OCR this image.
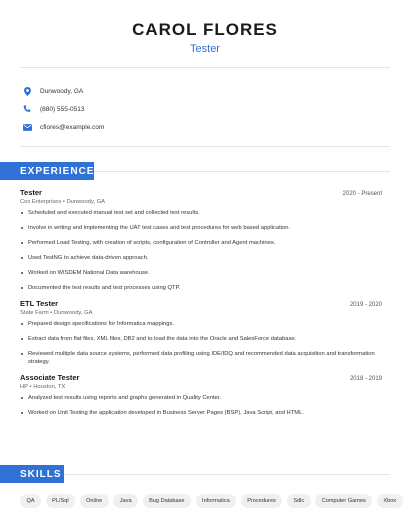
CAROL FLORES
Tester
Dunwoody, GA
(880) 555-0513
cflores@example.com
EXPERIENCE
Tester	2020 - Present
Cox Enterprises • Dunwoody, GA
Scheduled and executed manual test set and collected test results.
Involve in writing and implementing the UAT test cases and test procedures for web based application.
Performed Load Testing, with creation of scripts, configuration of Controller and Agent machines.
Used TestNG to achieve data-driven approach.
Worked on WISDEM National Data warehouse.
Documented the test results and test processes using QTP.
ETL Tester	2019 - 2020
State Farm • Dunwoody, GA
Prepared design specifications for Informatica mappings.
Extract data from flat files, XML files, DB2 and to load the data into the Oracle and SalesForce database.
Reviewed multiple data source systems, performed data profiling using IDE/IDQ and recommended data acquisition and transformation strategy.
Associate Tester	2018 - 2019
HP • Houston, TX
Analyzed test results using reports and graphs generated in Quality Center.
Worked on Unit Testing the application developed in Business Server Pages (BSP), Java Script, and HTML.
SKILLS
QA	PL/Sql	Online	Java	Bug Database	Informatica	Procedures	Sdlc	Computer Games	Xbox
